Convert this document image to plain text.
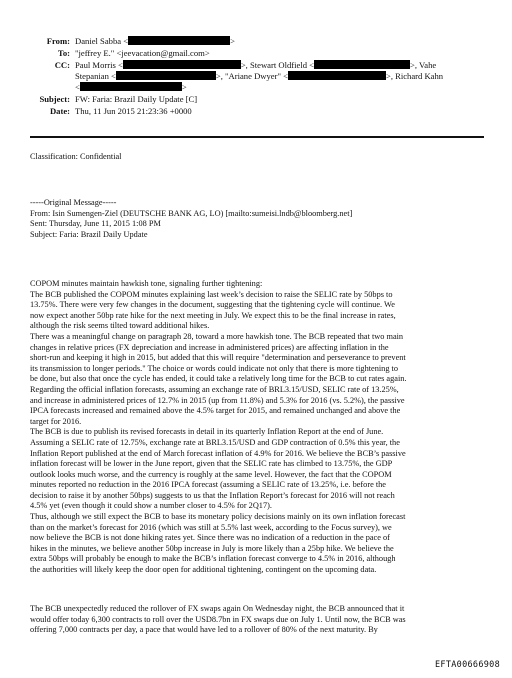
From: Daniel Sabba <	>
To: "jeffrey E." <jeevacation@gmail.com>
CC: Paul Morris <	>, Stewart Oldfield <	>, Vahe
Stepanian <	>, "Ariane Dwyer" <	>, Richard Kahn
<	>
Subject: FW: Faria: Brazil Daily Update [C]
Date: Thu, 11 Jun 2015 21:23:36 +0000
Classification: Confidential
-----Original Message-----
From: Isin Sumengen-Ziel (DEUTSCHE BANK AG, LO) [mailto:sumeisi.lndb@bloomberg.net]
Sent: Thursday, June 11, 2015 1:08 PM
Subject: Faria: Brazil Daily Update
COPOM minutes maintain hawkish tone, signaling further tightening:
The BCB published the COPOM minutes explaining last week’s decision to raise the SELIC rate by 50bps to
13.75%. There were very few changes in the document, suggesting that the tightening cycle will continue. We
now expect another 50bp rate hike for the next meeting in July. We expect this to be the final increase in rates,
although the risk seems tilted toward additional hikes.
There was a meaningful change on paragraph 28, toward a more hawkish tone. The BCB repeated that two main
changes in relative prices (FX depreciation and increase in administered prices) are affecting inflation in the
short-run and keeping it high in 2015, but added that this will require "determination and perseverance to prevent
its transmission to longer periods." The choice or words could indicate not only that there is more tightening to
be done, but also that once the cycle has ended, it could take a relatively long time for the BCB to cut rates again.
Regarding the official inflation forecasts, assuming an exchange rate of BRL3.15/USD, SELIC rate of 13.25%,
and increase in administered prices of 12.7% in 2015 (up from 11.8%) and 5.3% for 2016 (vs. 5.2%), the passive
IPCA forecasts increased and remained above the 4.5% target for 2015, and remained unchanged and above the
target for 2016.
The BCB is due to publish its revised forecasts in detail in its quarterly Inflation Report at the end of June.
Assuming a SELIC rate of 12.75%, exchange rate at BRL3.15/USD and GDP contraction of 0.5% this year, the
Inflation Report published at the end of March forecast inflation of 4.9% for 2016. We believe the BCB’s passive
inflation forecast will be lower in the June report, given that the SELIC rate has climbed to 13.75%, the GDP
outlook looks much worse, and the currency is roughly at the same level. However, the fact that the COPOM
minutes reported no reduction in the 2016 IPCA forecast (assuming a SELIC rate of 13.25%, i.e. before the
decision to raise it by another 50bps) suggests to us that the Inflation Report’s forecast for 2016 will not reach
4.5% yet (even though it could show a number closer to 4.5% for 2Q17).
Thus, although we still expect the BCB to base its monetary policy decisions mainly on its own inflation forecast
than on the market’s forecast for 2016 (which was still at 5.5% last week, according to the Focus survey), we
now believe the BCB is not done hiking rates yet. Since there was no indication of a reduction in the pace of
hikes in the minutes, we believe another 50bp increase in July is more likely than a 25bp hike. We believe the
extra 50bps will probably be enough to make the BCB’s inflation forecast converge to 4.5% in 2016, although
the authorities will likely keep the door open for additional tightening, contingent on the upcoming data.
The BCB unexpectedly reduced the rollover of FX swaps again On Wednesday night, the BCB announced that it
would offer today 6,300 contracts to roll over the USD8.7bn in FX swaps due on July 1. Until now, the BCB was
offering 7,000 contracts per day, a pace that would have led to a rollover of 80% of the next maturity. By
EFTA00666908
